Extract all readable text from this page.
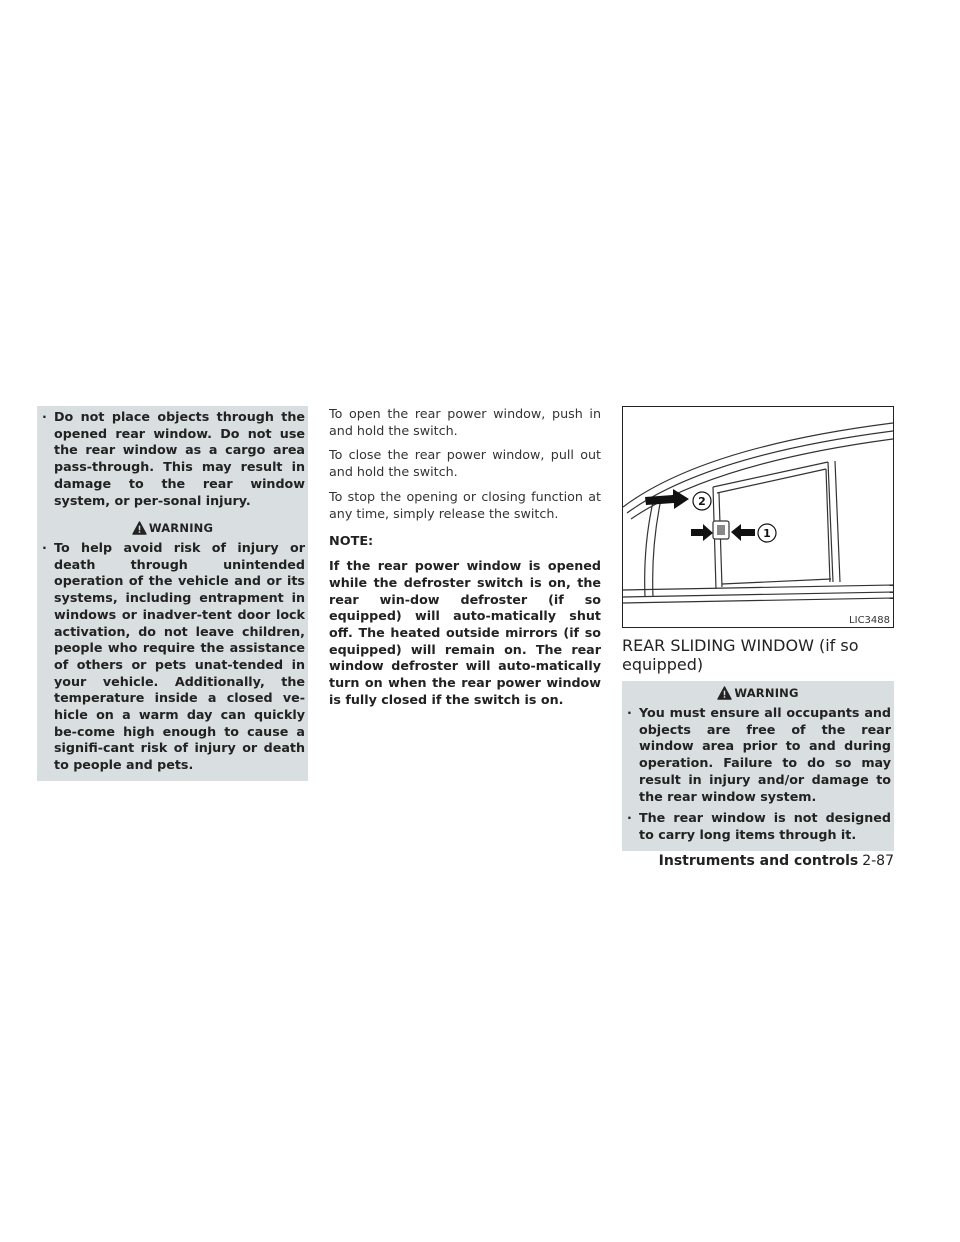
· Do not place objects through the opened rear window. Do not use the rear window as a cargo area pass-through. This may result in damage to the rear window system, or per-sonal injury.
WARNING
· To help avoid risk of injury or death through unintended operation of the vehicle and or its systems, including entrapment in windows or inadver-tent door lock activation, do not leave children, people who require the assistance of others or pets unat-tended in your vehicle. Additionally, the temperature inside a closed ve-hicle on a warm day can quickly be-come high enough to cause a signifi-cant risk of injury or death to people and pets.

To open the rear power window, push in and hold the switch.

To close the rear power window, pull out and hold the switch.

To stop the opening or closing function at any time, simply release the switch.

NOTE:

If the rear power window is opened while the defroster switch is on, the rear win-dow defroster (if so equipped) will auto-matically shut off. The heated outside mirrors (if so equipped) will remain on. The rear window defroster will auto-matically turn on when the rear power window is fully closed if the switch is on.

2
1
LIC3488
REAR SLIDING WINDOW (if so equipped)
WARNING
· You must ensure all occupants and objects are free of the rear window area prior to and during operation. Failure to do so may result in injury and/or damage to the rear window system.
· The rear window is not designed to carry long items through it.
Instruments and controls 2-87
